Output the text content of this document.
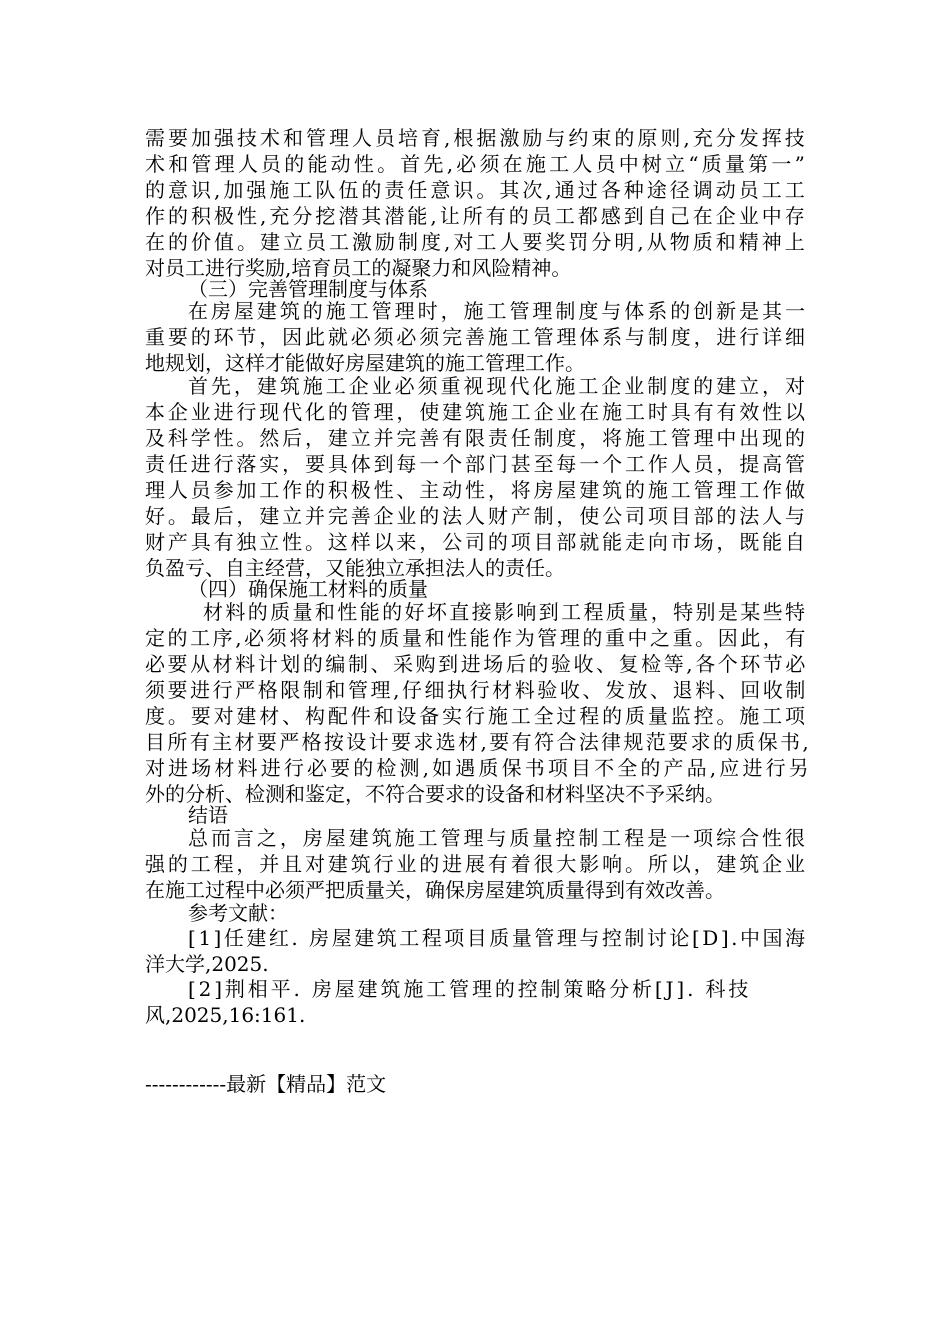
需要加强技术和管理人员培育,根据激励与约束的原则,充分发挥技
术和管理人员的能动性。首先,必须在施工人员中树立“质量第一”
的意识,加强施工队伍的责任意识。其次,通过各种途径调动员工工
作的积极性,充分挖潜其潜能,让所有的员工都感到自己在企业中存
在的价值。建立员工激励制度,对工人要奖罚分明,从物质和精神上
对员工进行奖励,培育员工的凝聚力和风险精神。
（三）完善管理制度与体系
在房屋建筑的施工管理时，施工管理制度与体系的创新是其一
重要的环节，因此就必须必须完善施工管理体系与制度，进行详细
地规划，这样才能做好房屋建筑的施工管理工作。
首先，建筑施工企业必须重视现代化施工企业制度的建立，对
本企业进行现代化的管理，使建筑施工企业在施工时具有有效性以
及科学性。然后，建立并完善有限责任制度，将施工管理中出现的
责任进行落实，要具体到每一个部门甚至每一个工作人员，提高管
理人员参加工作的积极性、主动性，将房屋建筑的施工管理工作做
好。最后，建立并完善企业的法人财产制，使公司项目部的法人与
财产具有独立性。这样以来，公司的项目部就能走向市场，既能自
负盈亏、自主经营，又能独立承担法人的责任。
（四）确保施工材料的质量
材料的质量和性能的好坏直接影响到工程质量，特别是某些特
定的工序,必须将材料的质量和性能作为管理的重中之重。因此，有
必要从材料计划的编制、采购到进场后的验收、复检等,各个环节必
须要进行严格限制和管理,仔细执行材料验收、发放、退料、回收制
度。要对建材、构配件和设备实行施工全过程的质量监控。施工项
目所有主材要严格按设计要求选材,要有符合法律规范要求的质保书,
对进场材料进行必要的检测,如遇质保书项目不全的产品,应进行另
外的分析、检测和鉴定，不符合要求的设备和材料坚决不予采纳。
结语
总而言之，房屋建筑施工管理与质量控制工程是一项综合性很
强的工程，并且对建筑行业的进展有着很大影响。所以，建筑企业
在施工过程中必须严把质量关，确保房屋建筑质量得到有效改善。
参考文献：
[1]任建红. 房屋建筑工程项目质量管理与控制讨论[D].中国海
洋大学,2025.
[2]荆相平. 房屋建筑施工管理的控制策略分析[J]. 科技
风,2025,16:161.
------------最新【精品】范文
